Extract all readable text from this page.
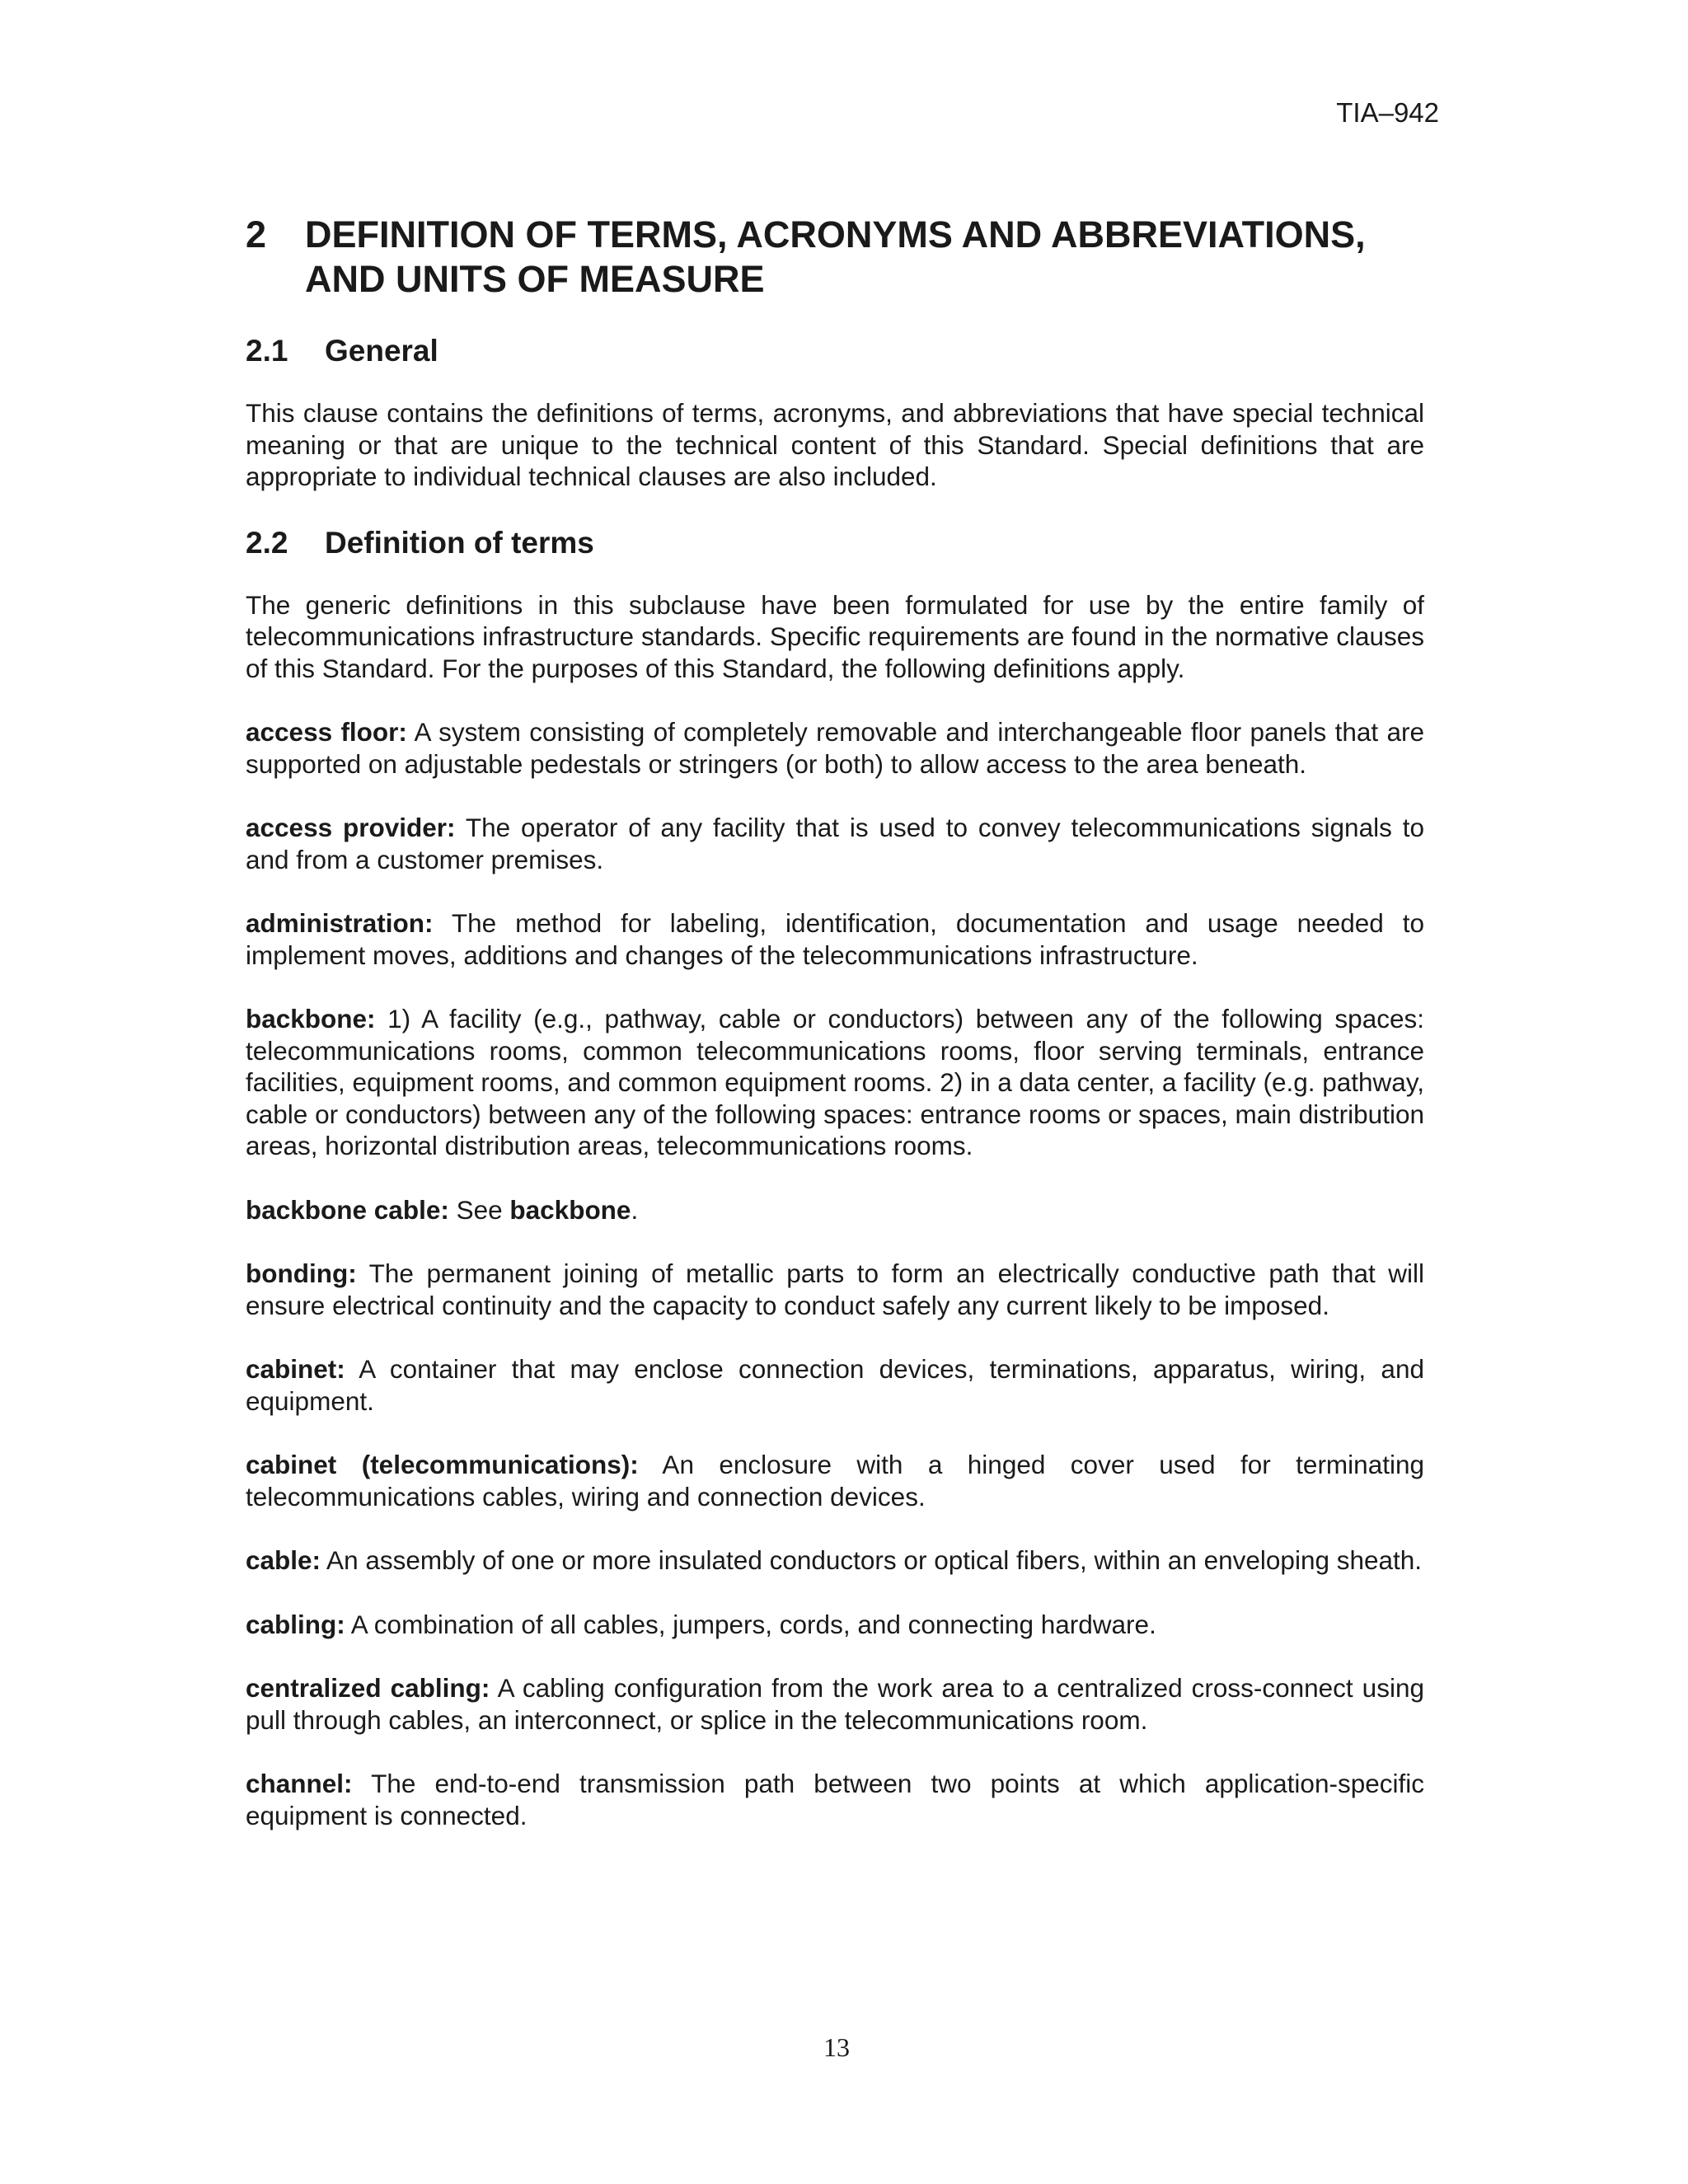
TIA–942
2	DEFINITION OF TERMS, ACRONYMS AND ABBREVIATIONS, AND UNITS OF MEASURE
2.1	General

This clause contains the definitions of terms, acronyms, and abbreviations that have special technical meaning or that are unique to the technical content of this Standard. Special definitions that are appropriate to individual technical clauses are also included.

2.2	Definition of terms

The generic definitions in this subclause have been formulated for use by the entire family of telecommunications infrastructure standards. Specific requirements are found in the normative clauses of this Standard. For the purposes of this Standard, the following definitions apply.

access floor: A system consisting of completely removable and interchangeable floor panels that are supported on adjustable pedestals or stringers (or both) to allow access to the area beneath.

access provider: The operator of any facility that is used to convey telecommunications signals to and from a customer premises.

administration: The method for labeling, identification, documentation and usage needed to implement moves, additions and changes of the telecommunications infrastructure.

backbone: 1) A facility (e.g., pathway, cable or conductors) between any of the following spaces: telecommunications rooms, common telecommunications rooms, floor serving terminals, entrance facilities, equipment rooms, and common equipment rooms. 2) in a data center, a facility (e.g. pathway, cable or conductors) between any of the following spaces: entrance rooms or spaces, main distribution areas, horizontal distribution areas, telecommunications rooms.

backbone cable: See backbone.

bonding: The permanent joining of metallic parts to form an electrically conductive path that will ensure electrical continuity and the capacity to conduct safely any current likely to be imposed.

cabinet: A container that may enclose connection devices, terminations, apparatus, wiring, and equipment.

cabinet (telecommunications): An enclosure with a hinged cover used for terminating telecommunications cables, wiring and connection devices.

cable: An assembly of one or more insulated conductors or optical fibers, within an enveloping sheath.

cabling: A combination of all cables, jumpers, cords, and connecting hardware.

centralized cabling: A cabling configuration from the work area to a centralized cross-connect using pull through cables, an interconnect, or splice in the telecommunications room.

channel: The end-to-end transmission path between two points at which application-specific equipment is connected.

13
